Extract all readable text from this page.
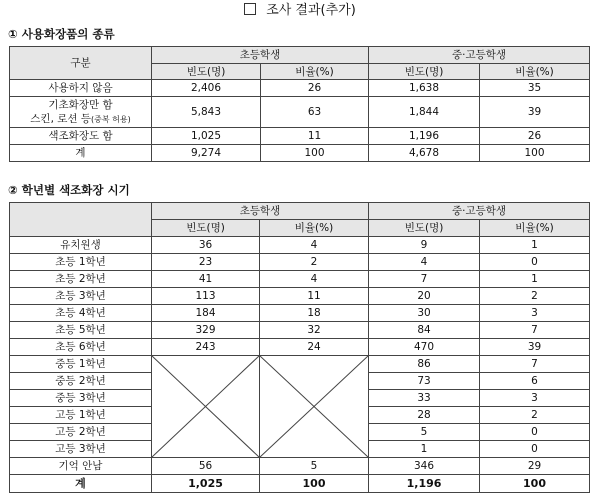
조사 결과(추가)
① 사용화장품의 종류
구분	초등학생		중·고등학생	
	빈도(명)	비율(%)	빈도(명)	비율(%)
사용하지 않음	2,406	26	1,638	35
기초화장만 함
스킨, 로션 등(중복 허용)	5,843	63	1,844	39
색조화장도 함	1,025	11	1,196	26
계	9,274	100	4,678	100
② 학년별 색조화장 시기
	초등학생		중·고등학생	
	빈도(명)	비율(%)	빈도(명)	비율(%)
유치원생	36	4	9	1
초등 1학년	23	2	4	0
초등 2학년	41	4	7	1
초등 3학년	113	11	20	2
초등 4학년	184	18	30	3
초등 5학년	329	32	84	7
초등 6학년	243	24	470	39
중등 1학년			86	7
중등 2학년			73	6
중등 3학년			33	3
고등 1학년			28	2
고등 2학년			5	0
고등 3학년			1	0
기억 안남	56	5	346	29
계	1,025	100	1,196	100
